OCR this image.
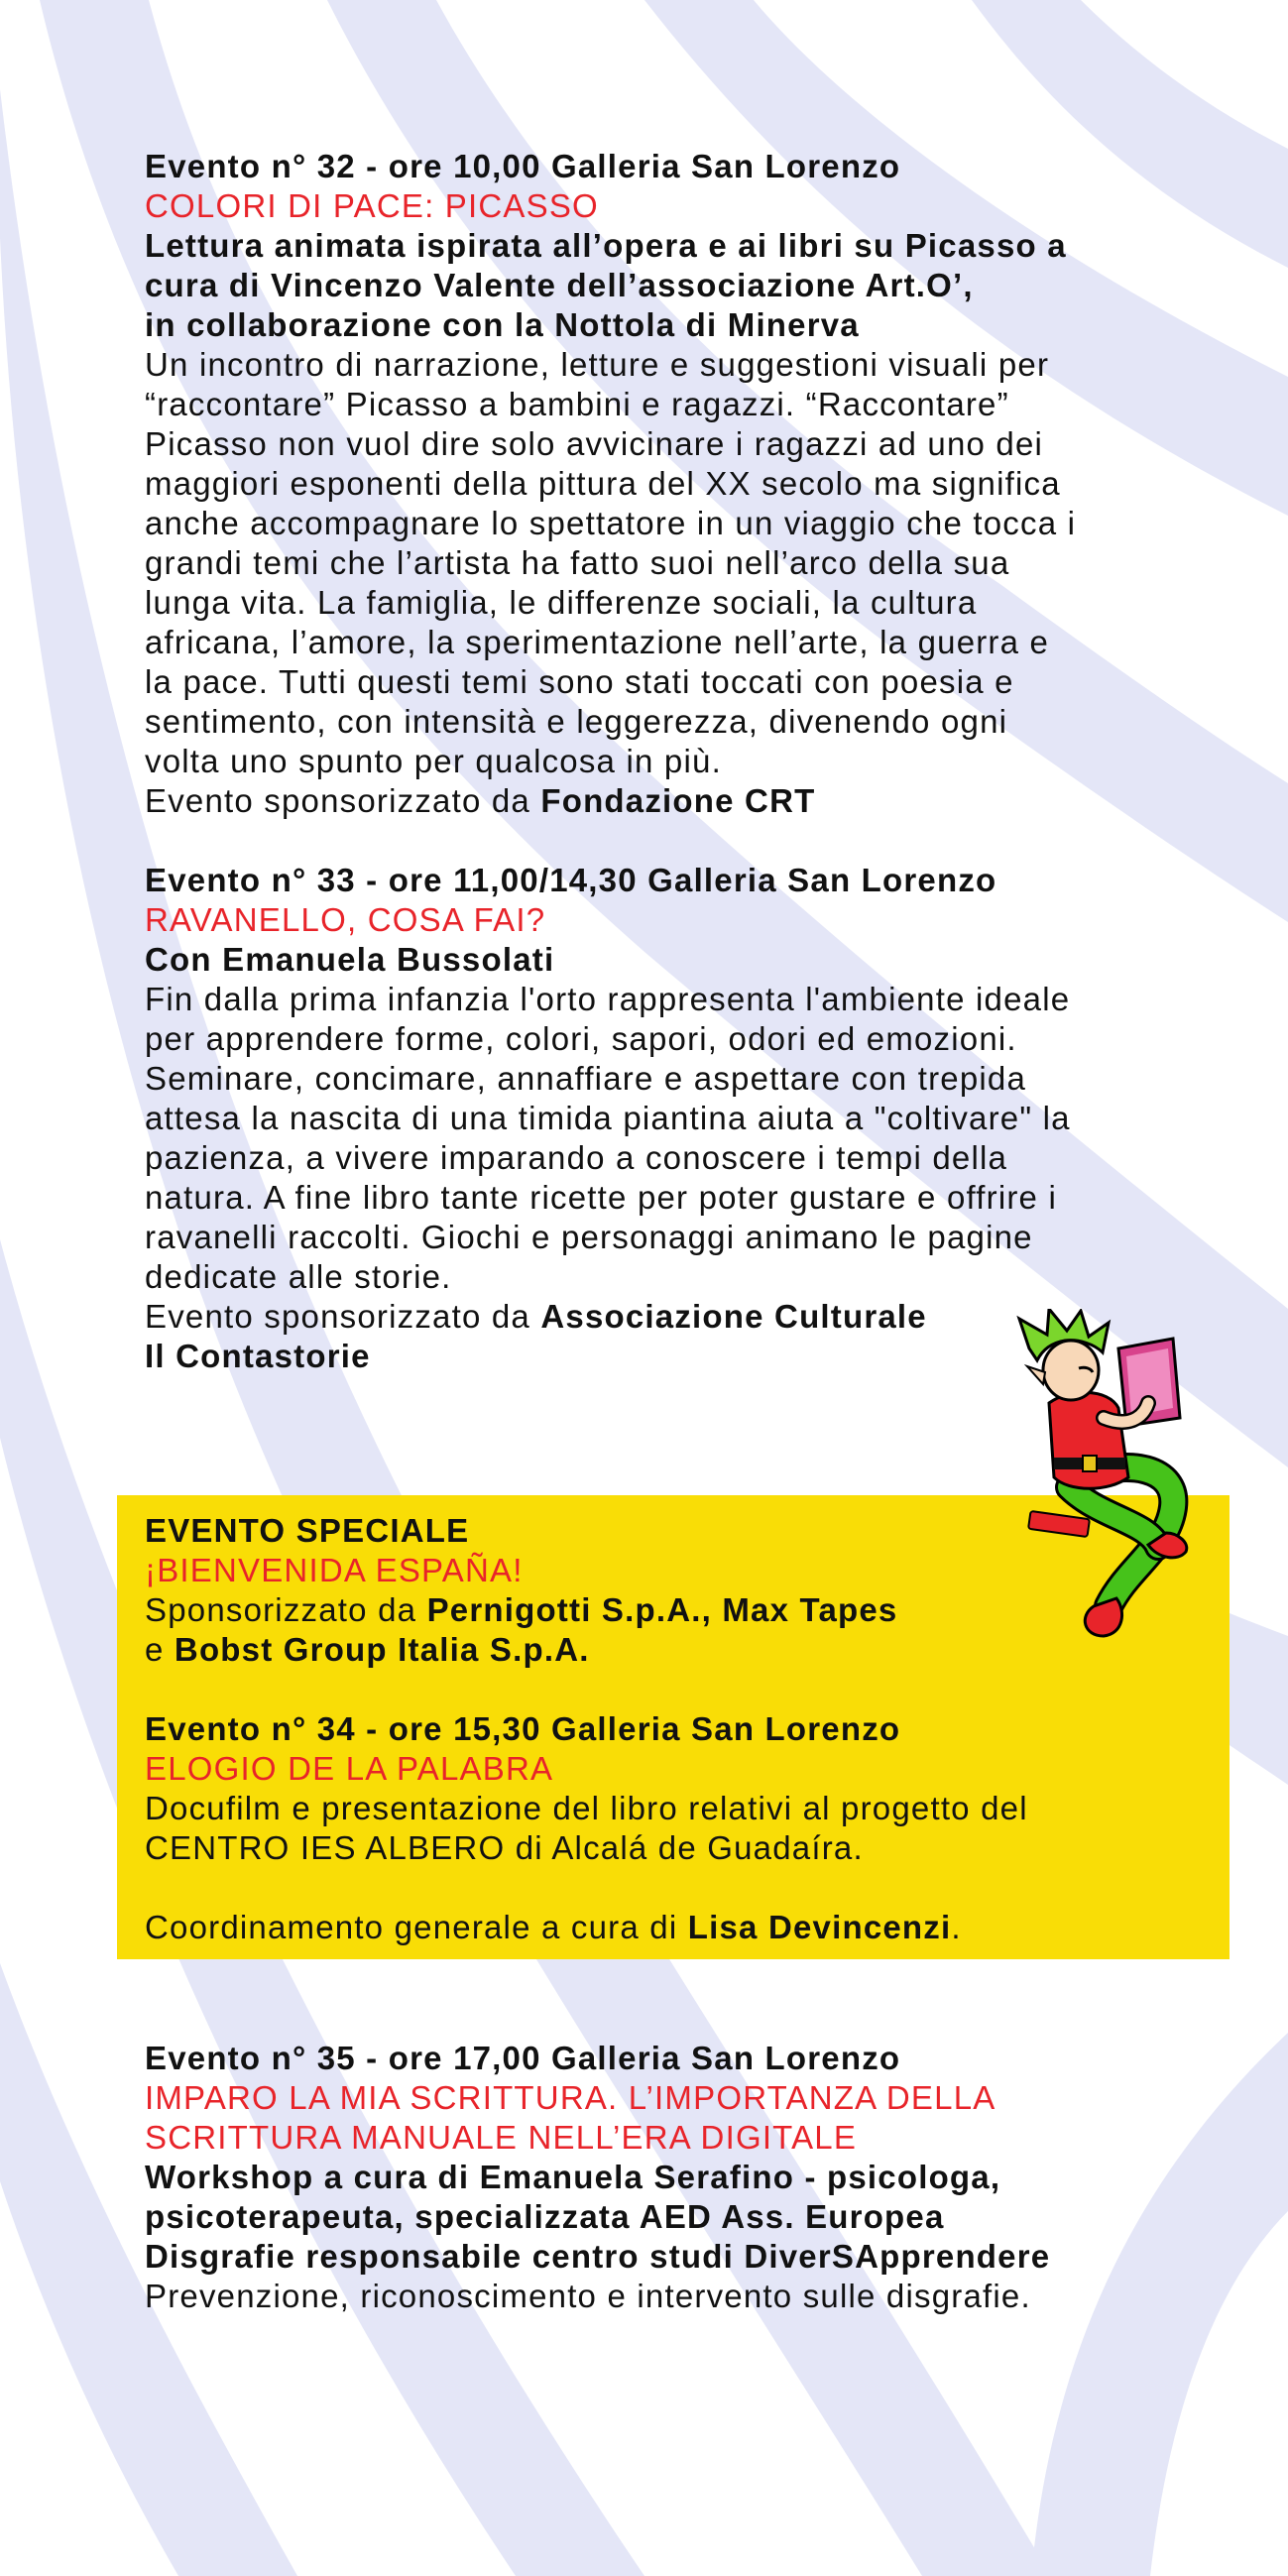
Evento n° 32 - ore 10,00 Galleria San Lorenzo
COLORI DI PACE: PICASSO
Lettura animata ispirata all’opera e ai libri su Picasso a
cura di Vincenzo Valente dell’associazione Art.O’,
in collaborazione con la Nottola di Minerva
Un incontro di narrazione, letture e suggestioni visuali per
“raccontare” Picasso a bambini e ragazzi. “Raccontare”
Picasso non vuol dire solo avvicinare i ragazzi ad uno dei
maggiori esponenti della pittura del XX secolo ma significa
anche accompagnare lo spettatore in un viaggio che tocca i
grandi temi che l’artista ha fatto suoi nell’arco della sua
lunga vita. La famiglia, le differenze sociali, la cultura
africana, l’amore, la sperimentazione nell’arte, la guerra e
la pace. Tutti questi temi sono stati toccati con poesia e
sentimento, con intensità e leggerezza, divenendo ogni
volta uno spunto per qualcosa in più.
Evento sponsorizzato da Fondazione CRT
Evento n° 33 - ore 11,00/14,30 Galleria San Lorenzo
RAVANELLO, COSA FAI?
Con Emanuela Bussolati
Fin dalla prima infanzia l'orto rappresenta l'ambiente ideale
per apprendere forme, colori, sapori, odori ed emozioni.
Seminare, concimare, annaffiare e aspettare con trepida
attesa la nascita di una timida piantina aiuta a "coltivare" la
pazienza, a vivere imparando a conoscere i tempi della
natura. A fine libro tante ricette per poter gustare e offrire i
ravanelli raccolti. Giochi e personaggi animano le pagine
dedicate alle storie.
Evento sponsorizzato da Associazione Culturale
Il Contastorie
EVENTO SPECIALE
¡BIENVENIDA ESPAÑA!
Sponsorizzato da Pernigotti S.p.A., Max Tapes
e Bobst Group Italia S.p.A.
Evento n° 34 - ore 15,30 Galleria San Lorenzo
ELOGIO DE LA PALABRA
Docufilm e presentazione del libro relativi al progetto del
CENTRO IES ALBERO di Alcalá de Guadaíra.
Coordinamento generale a cura di Lisa Devincenzi.
Evento n° 35 - ore 17,00 Galleria San Lorenzo
IMPARO LA MIA SCRITTURA. L’IMPORTANZA DELLA
SCRITTURA MANUALE NELL’ERA DIGITALE
Workshop a cura di Emanuela Serafino - psicologa,
psicoterapeuta, specializzata AED Ass. Europea
Disgrafie responsabile centro studi DiverSApprendere
Prevenzione, riconoscimento e intervento sulle disgrafie.
